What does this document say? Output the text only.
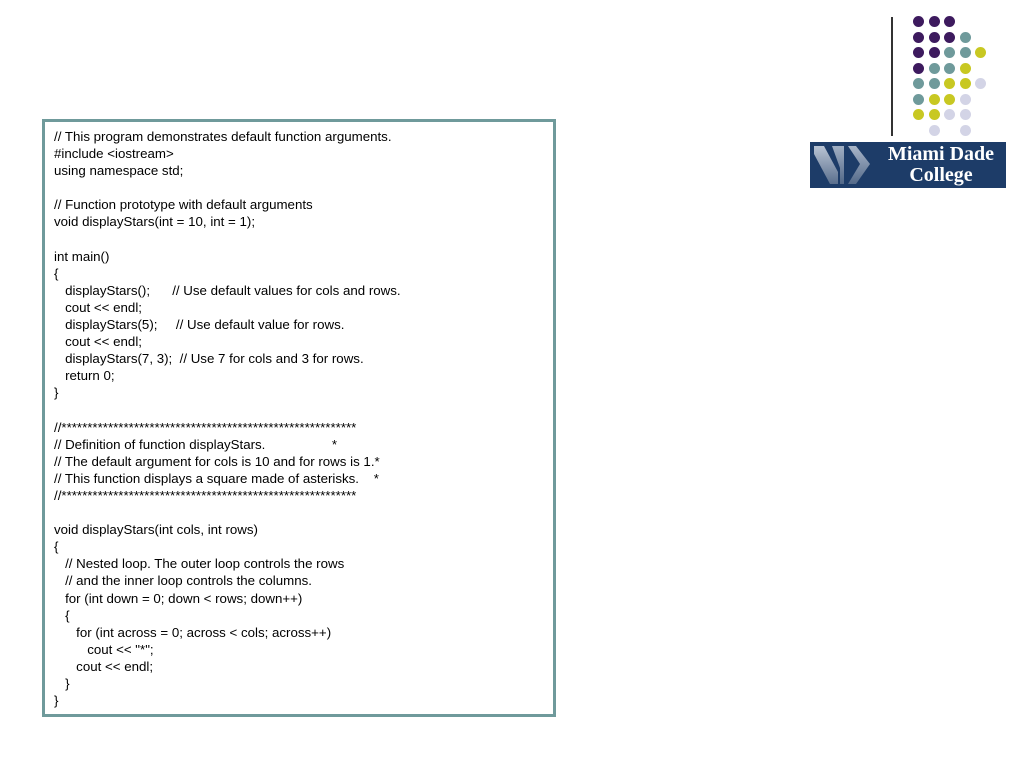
Miami Dade
College
// This program demonstrates default function arguments.
#include <iostream>
using namespace std;
// Function prototype with default arguments
void displayStars(int = 10, int = 1);
int main()
{
displayStars();      // Use default values for cols and rows.
cout << endl;
displayStars(5);     // Use default value for rows.
cout << endl;
displayStars(7, 3);  // Use 7 for cols and 3 for rows.
return 0;
}
//*********************************************************
// Definition of function displayStars.                  *
// The default argument for cols is 10 and for rows is 1.*
// This function displays a square made of asterisks.    *
//*********************************************************
void displayStars(int cols, int rows)
{
// Nested loop. The outer loop controls the rows
// and the inner loop controls the columns.
for (int down = 0; down < rows; down++)
{
for (int across = 0; across < cols; across++)
cout << "*";
cout << endl;
}
}
